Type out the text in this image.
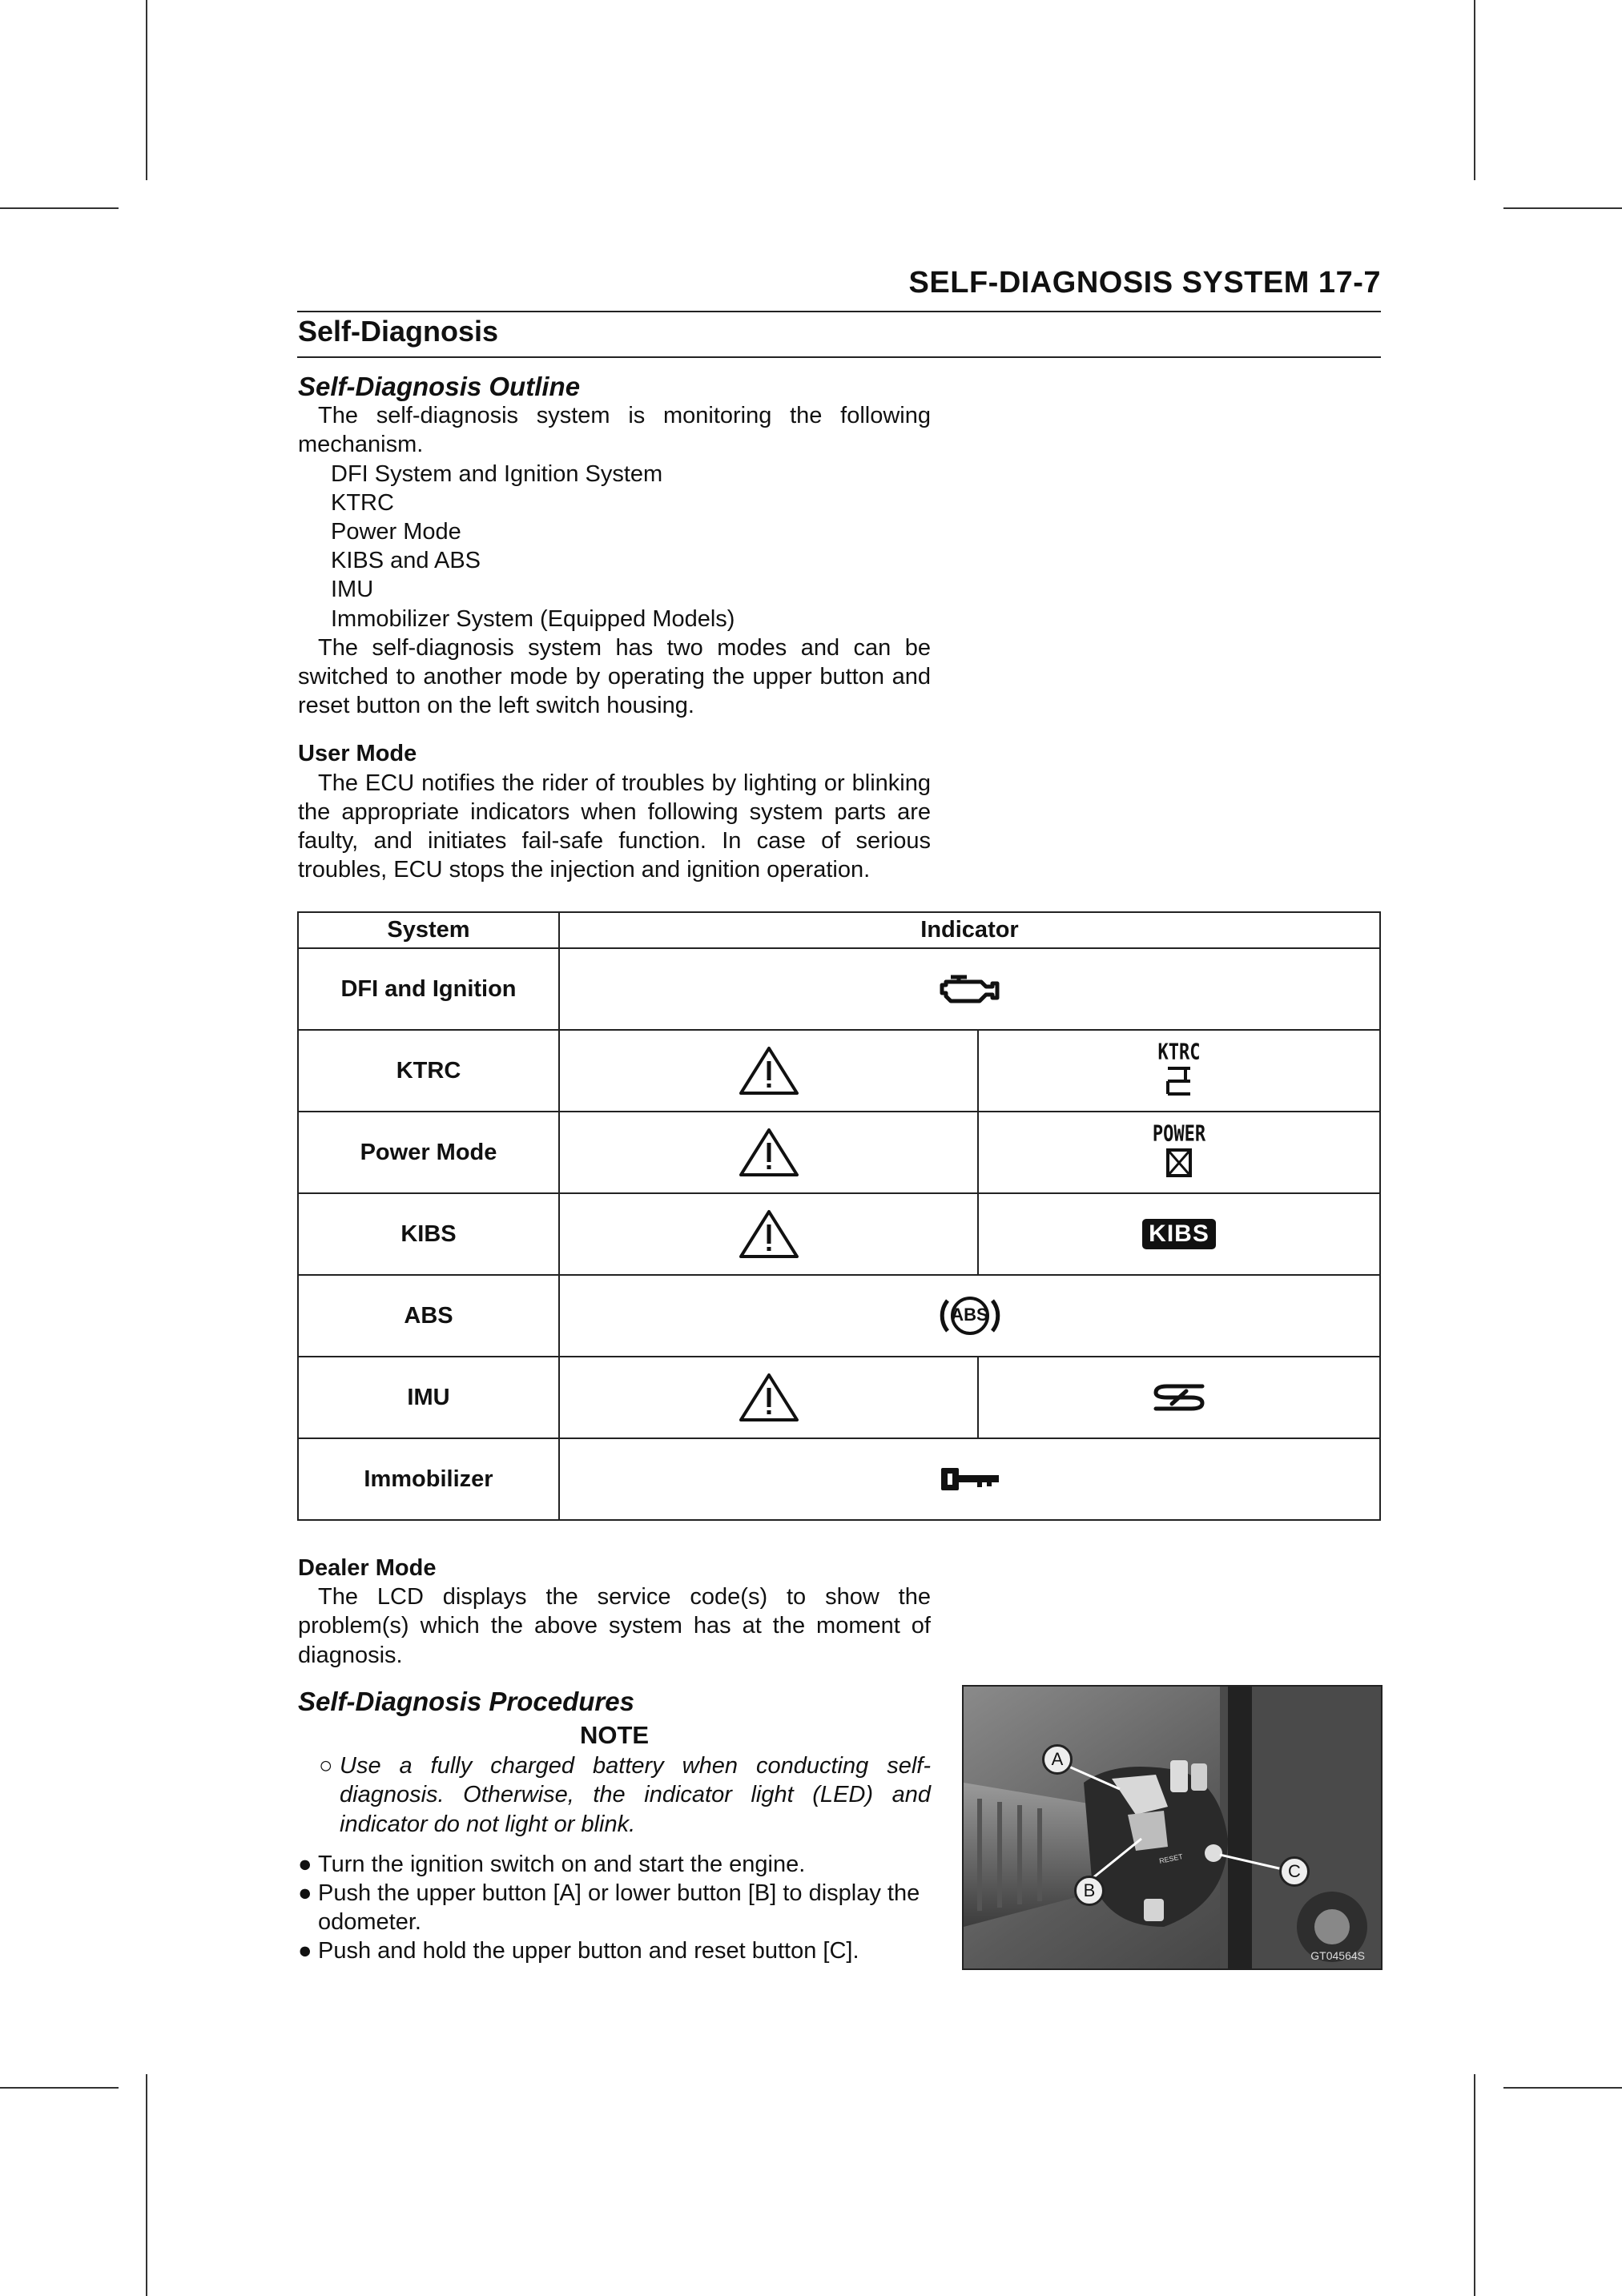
SELF-DIAGNOSIS SYSTEM 17-7
Self-Diagnosis
Self-Diagnosis Outline

The self-diagnosis system is monitoring the following mechanism.

DFI System and Ignition System
KTRC
Power Mode
KIBS and ABS
IMU
Immobilizer System (Equipped Models)

The self-diagnosis system has two modes and can be switched to another mode by operating the upper button and reset button on the left switch housing.

User Mode

The ECU notifies the rider of troubles by lighting or blinking the appropriate indicators when following system parts are faulty, and initiates fail-safe function. In case of serious troubles, ECU stops the injection and ignition operation.

System	Indicator	
DFI and Ignition	
KTRC		KTRC

Power Mode		POWER

KIBS		KIBS
ABS	ABS	

IMU		
Immobilizer	
Dealer Mode

The LCD displays the service code(s) to show the problem(s) which the above system has at the moment of diagnosis.

Self-Diagnosis Procedures
NOTE
○ Use a fully charged battery when conducting self-diagnosis. Otherwise, the indicator light (LED) and indicator do not light or blink.
● Turn the ignition switch on and start the engine.
● Push the upper button [A] or lower button [B] to display the odometer.
● Push and hold the upper button and reset button [C].
A
B
C
RESET
GT04564S
